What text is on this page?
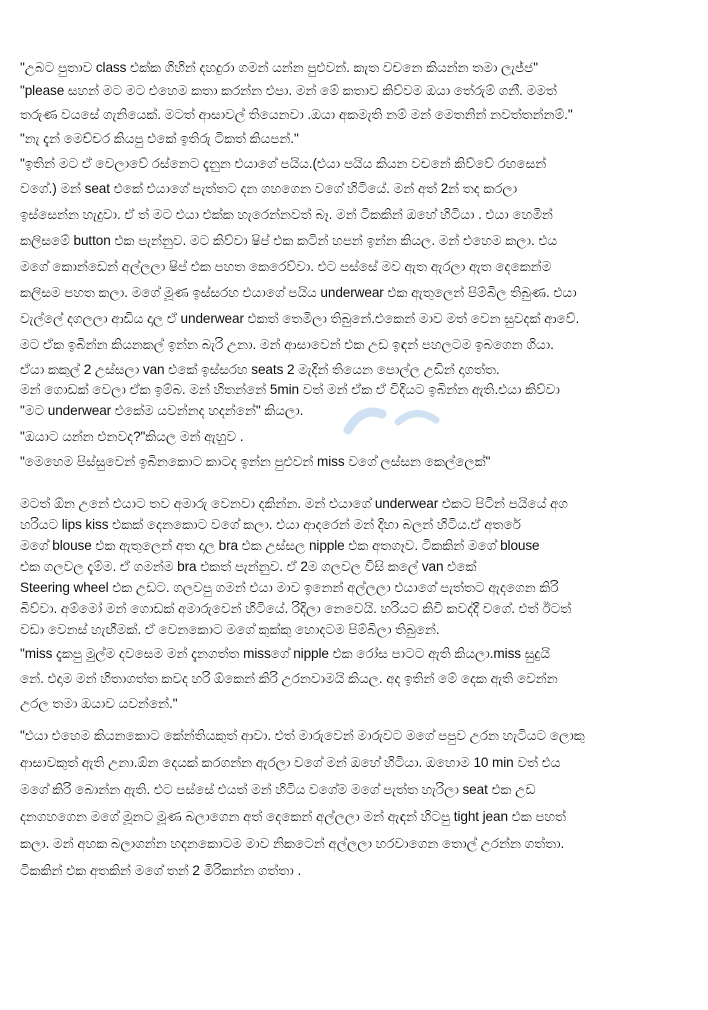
"උබට පුතාව class එක්ක ගිහින් දහදුරා ගමන් යන්න පුළුවන්. කැත වචනෙ කියන්න තමා ලැජ්ජ"

"please සහන් මට මට එහෙම කතා කරන්න එපා. මන් මේ කතාව කිව්වම ඔයා තේරුම් ගනී. මමත්

තරුණ වයසේ ගැනියෙක්. මටත් ආසාවල් තියෙනවා .ඔයා අකමැති නම් මන් මෙතනින් නවත්තන්නම්."

"නැ දැන් මෙච්චර කියපු එකේ ඉතිරු ටිකත් කියපන්."

"ඉතින් මට ඒ වෙලාවේ රස්නෙට දැනුන එයාගේ පයිය.(එයා පයිය කියන වචනේ කිව්වේ රහසෙන්

වගේ.) මන් seat එකේ එයාගේ පැත්තට දන ගහගෙන වගේ හිටියේ. මන් අත් 2න් තද කරලා

ඉස්සෙන්න හැදුවා. ඒ ත් මට එයා එක්ක හැරෙන්නවත් බෑ. මන් ටිකකින් ඔහේ හිටියා . එයා හෙමින්

කලිසමේ button එක පැන්නුව. මට කිව්වා ෂිප් එක කටින් හපන් ඉන්න කියල. මන් එහෙම කලා. එය

මගේ කොන්ඩෙන් අල්ලලා ෂිප් එක පහත කෙරෙව්වා. එට පස්සේ මව ඇත ඇරලා ඇත දෙකෙන්ම

කලිසම පහත කලා. මගේ මූණ ඉස්සරහ එයාගේ පයිය underwear එක ඇතුලෙන් පිම්බිල තිබුණ. එයා

වැල්ලේ දගලලා ආඩිය දාල ඒ underwear එකත් තෙමිලා තිබුනේ.එකෙන් මාව මත් වෙන සුවදක් ආවේ.

මට ඒක ඉබින්න කියනකල් ඉන්න බැරි උනා. මන් ආසාවෙන් එක උඩ ඉඳන් පහලටම ඉබගෙන ගියා.

ඒයා කකුල් 2 උස්සලා van එකේ ඉස්සරහ seats 2 මැදින් තියෙන පොල්ල උඩින් දාගත්ත.

මන් ගොඩක් වෙලා ඒක ඉම්බ. මන් හිතන්නේ 5min වත් මන් ඒක ඒ විදියට ඉබින්න ඇති.එයා කිව්වා

"මට underwear එකේම යවන්නද හදන්නේ" කියලා.

"ඔයාට යන්න එනවද?"කියල මන් ඇහුව .

"මෙහෙම පිස්සුවෙන් ඉබිනකොට කාටද ඉන්න පුළුවන් miss වගේ ලස්සන කෙල්ලෙක්"

මටත් ඕන උනේ එයාට තව අමාරු වෙනවා දකින්න. මන් එයාගේ underwear එකට පිටින් පයියේ අග

හරියට lips kiss එකක් දෙනකොට වගේ කලා. එයා ආදරෙන් මන් දිහා බලන් හිටිය.ඒ අතරේ

මගේ blouse එක ඇතුලෙන් අත දාල bra එක උස්සල nipple එක අතගෑව. ටිකකින් මගේ blouse

එක ගලවල දැම්ම. ඒ ගමන්ම bra එකත් පැන්නුව. ඒ 2ම ගලවල විසි කලේ van එකේ

Steering wheel එක උඩට. ගලවපු ගමන් එයා මාව ඉනෙන් අල්ලලා එයාගේ පැත්තට ඇදගෙන කිරි

බිව්වා. අම්මෝ මන් ගොඩක් අමාරුවෙන් හිටියේ. රිදිලා නෙවෙයි. හරියට කිවි කවද්දී වගේ. එත් ඊටත්

වඩා වෙනස් හැඟීමක්. ඒ වෙනකොට මගේ කුක්කු හොදටම පිම්බිලා තිබුනේ.

"miss දැකපු මුල්ම දවසෙම මන් දැනගත්ත missගේ nipple එක රෝස පාටට ඇති කියලා.miss සුදුයි

නේ. එදාම මන් හිතාගත්ත කවද හරි ඕකෙන් කිරි උරනවාමයි කියල. අද ඉතින් මේ දෙක ඇති වෙන්න

උරල තමා ඔයාව යවන්නේ."

"එයා එහෙම කියනකොට කේන්තියකුත් ආවා. එත් මාරුවෙන් මාරුවට මගේ පපුව උරන හැටියට ලොකු

ආසාවකුත් ඇති උනා.ඕන දෙයක් කරගන්න ඇරලා වගේ මන් ඔහේ හිටියා. ඔහොම 10 min වත් එය

මගේ කිරි බොන්න ඇති. එට පස්සේ එයත් මන් හිටිය වගේම මගේ පැත්ත හැරිලා seat එක උඩ

දනගහගෙන මගේ මූනට මූණ බලාගෙන අත් දෙකෙන් අල්ලලා මන් ඇඳන් හිටපු tight jean එක පහත්

කලා. මන් අහක බලාගන්න හදනකොටම මාව නිකටෙන් අල්ලලා හරවාගෙන තොල් උරන්න ගත්තා.

ටිකකින් එක අතකින් මගේ තන් 2 මිරිකන්න ගත්තා .
